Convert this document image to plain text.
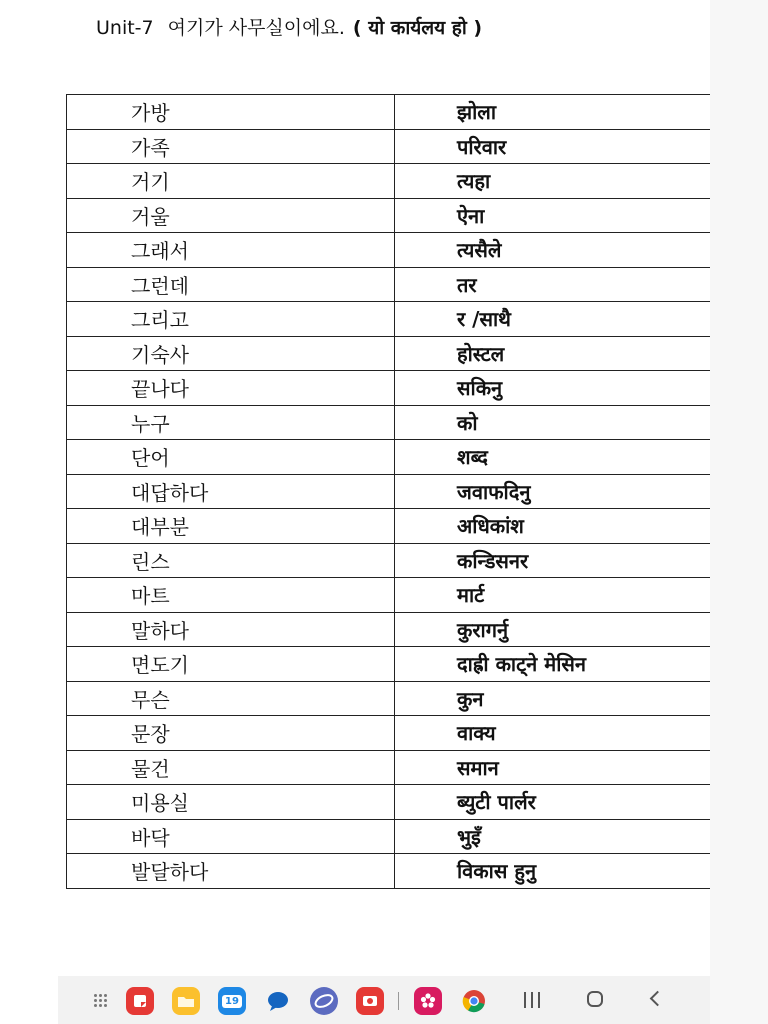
Unit-7 여기가 사무실이에요. ( यो कार्यलय हो )
가방	झोला
가족	परिवार
거기	त्यहा
거울	ऐना
그래서	त्यसैले
그런데	तर
그리고	र /साथै
기숙사	होस्टल
끝나다	सकिनु
누구	को
단어	शब्द
대답하다	जवाफदिनु
대부분	अधिकांश
린스	कन्डिसनर
마트	मार्ट
말하다	कुरागर्नु
면도기	दाह्री काट्ने मेसिन
무슨	कुन
문장	वाक्य
물건	समान
미용실	ब्युटी पार्लर
바닥	भुइँ
발달하다	विकास हुनु
19
